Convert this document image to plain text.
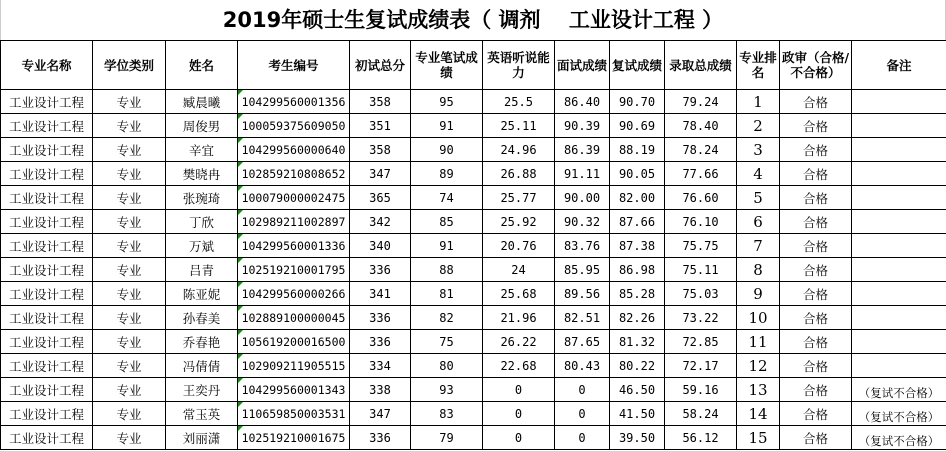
2019年硕士生复试成绩表（ 调剂　 工业设计工程 ）
专业名称	学位类别	姓名	考生编号	初试总分	专业笔试成绩	英语听说能力	面试成绩	复试成绩	录取总成绩	专业排名	政审（合格/不合格）	备注
工业设计工程	专业	臧晨曦	104299560001356	358	95	25.5	86.40	90.70	79.24	1	合格	
工业设计工程	专业	周俊男	100059375609050	351	91	25.11	90.39	90.69	78.40	2	合格	
工业设计工程	专业	辛宜	104299560000640	358	90	24.96	86.39	88.19	78.24	3	合格	
工业设计工程	专业	樊晓冉	102859210808652	347	89	26.88	91.11	90.05	77.66	4	合格	
工业设计工程	专业	张琬琦	100079000002475	365	74	25.77	90.00	82.00	76.60	5	合格	
工业设计工程	专业	丁欣	102989211002897	342	85	25.92	90.32	87.66	76.10	6	合格	
工业设计工程	专业	万斌	104299560001336	340	91	20.76	83.76	87.38	75.75	7	合格	
工业设计工程	专业	吕青	102519210001795	336	88	24	85.95	86.98	75.11	8	合格	
工业设计工程	专业	陈亚妮	104299560000266	341	81	25.68	89.56	85.28	75.03	9	合格	
工业设计工程	专业	孙春美	102889100000045	336	82	21.96	82.51	82.26	73.22	10	合格	
工业设计工程	专业	乔春艳	105619200016500	336	75	26.22	87.65	81.32	72.85	11	合格	
工业设计工程	专业	冯倩倩	102909211905515	334	80	22.68	80.43	80.22	72.17	12	合格	
工业设计工程	专业	王奕丹	104299560001343	338	93	0	0	46.50	59.16	13	合格	（复试不合格）
工业设计工程	专业	常玉英	110659850003531	347	83	0	0	41.50	58.24	14	合格	（复试不合格）
工业设计工程	专业	刘丽潇	102519210001675	336	79	0	0	39.50	56.12	15	合格	（复试不合格）
